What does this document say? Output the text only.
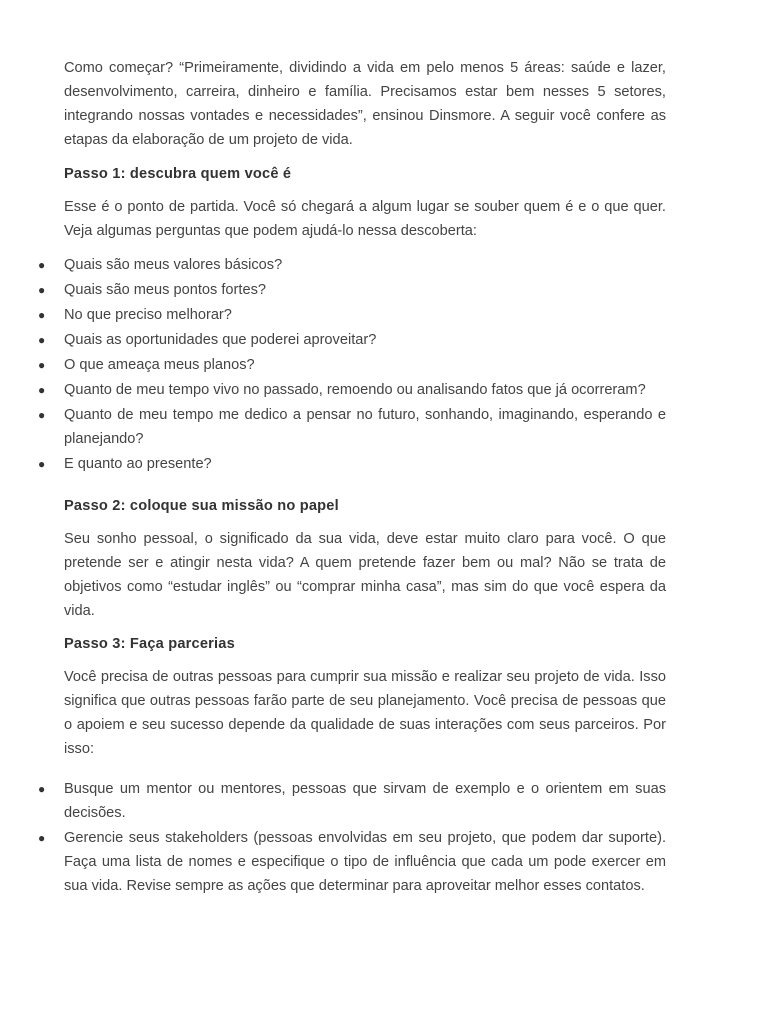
Como começar? “Primeiramente, dividindo a vida em pelo menos 5 áreas: saúde e lazer, desenvolvimento, carreira, dinheiro e família. Precisamos estar bem nesses 5 setores, integrando nossas vontades e necessidades”, ensinou Dinsmore. A seguir você confere as etapas da elaboração de um projeto de vida.

Passo 1: descubra quem você é

Esse é o ponto de partida. Você só chegará a algum lugar se souber quem é e o que quer. Veja algumas perguntas que podem ajudá-lo nessa descoberta:

● Quais são meus valores básicos?
● Quais são meus pontos fortes?
● No que preciso melhorar?
● Quais as oportunidades que poderei aproveitar?
● O que ameaça meus planos?
● Quanto de meu tempo vivo no passado, remoendo ou analisando fatos que já ocorreram?
● Quanto de meu tempo me dedico a pensar no futuro, sonhando, imaginando, esperando e planejando?
● E quanto ao presente?
Passo 2: coloque sua missão no papel

Seu sonho pessoal, o significado da sua vida, deve estar muito claro para você. O que pretende ser e atingir nesta vida? A quem pretende fazer bem ou mal? Não se trata de objetivos como “estudar inglês” ou “comprar minha casa”, mas sim do que você espera da vida.

Passo 3: Faça parcerias

Você precisa de outras pessoas para cumprir sua missão e realizar seu projeto de vida. Isso significa que outras pessoas farão parte de seu planejamento. Você precisa de pessoas que o apoiem e seu sucesso depende da qualidade de suas interações com seus parceiros. Por isso:

● Busque um mentor ou mentores, pessoas que sirvam de exemplo e o orientem em suas decisões.
● Gerencie seus stakeholders (pessoas envolvidas em seu projeto, que podem dar suporte). Faça uma lista de nomes e especifique o tipo de influência que cada um pode exercer em sua vida. Revise sempre as ações que determinar para aproveitar melhor esses contatos.
